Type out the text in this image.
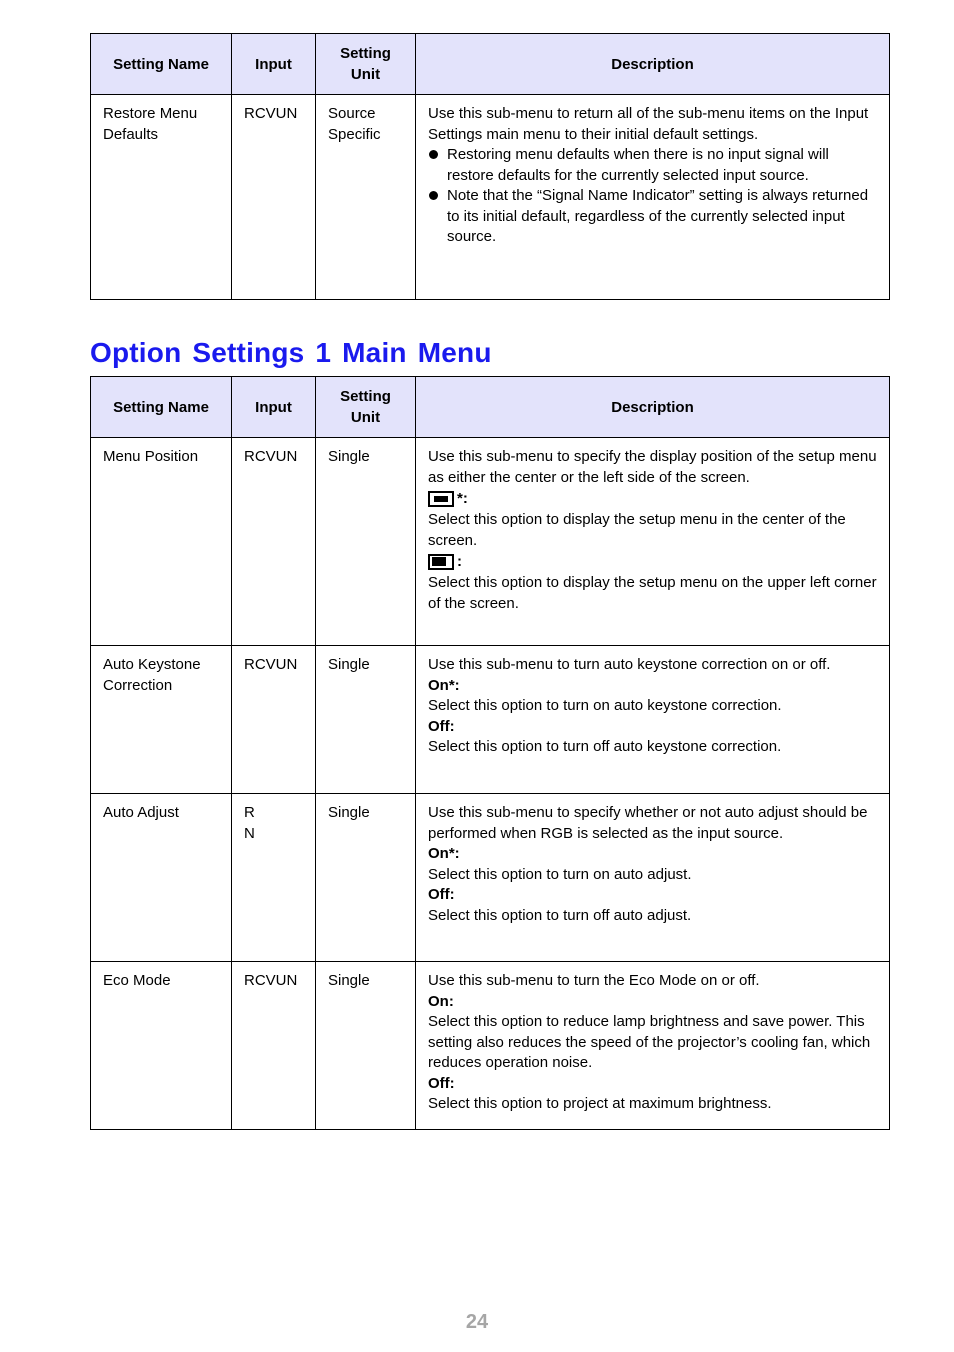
Setting Name	Input	Setting Unit	Description
Restore Menu Defaults	RCVUN	Source Specific	Use this sub-menu to return all of the sub-menu items on the Input Settings main menu to their initial default settings.
Restoring menu defaults when there is no input signal will restore defaults for the currently selected input source.
Note that the “Signal Name Indicator” setting is always returned to its initial default, regardless of the currently selected input source.
Option Settings 1 Main Menu
Setting Name	Input	Setting Unit	Description
Menu Position	RCVUN	Single	Use this sub-menu to specify the display position of the setup menu as either the center or the left side of the screen.
*:
Select this option to display the setup menu in the center of the screen.
:
Select this option to display the setup menu on the upper left corner of the screen.

Auto Keystone Correction	RCVUN	Single	Use this sub-menu to turn auto keystone correction on or off.
On*:
Select this option to turn on auto keystone correction.
Off:
Select this option to turn off auto keystone correction.

Auto Adjust	RN	Single	Use this sub-menu to specify whether or not auto adjust should be performed when RGB is selected as the input source.
On*:
Select this option to turn on auto adjust.
Off:
Select this option to turn off auto adjust.

Eco Mode	RCVUN	Single	Use this sub-menu to turn the Eco Mode on or off.
On:
Select this option to reduce lamp brightness and save power. This setting also reduces the speed of the projector’s cooling fan, which reduces operation noise.
Off:
Select this option to project at maximum brightness.
24
